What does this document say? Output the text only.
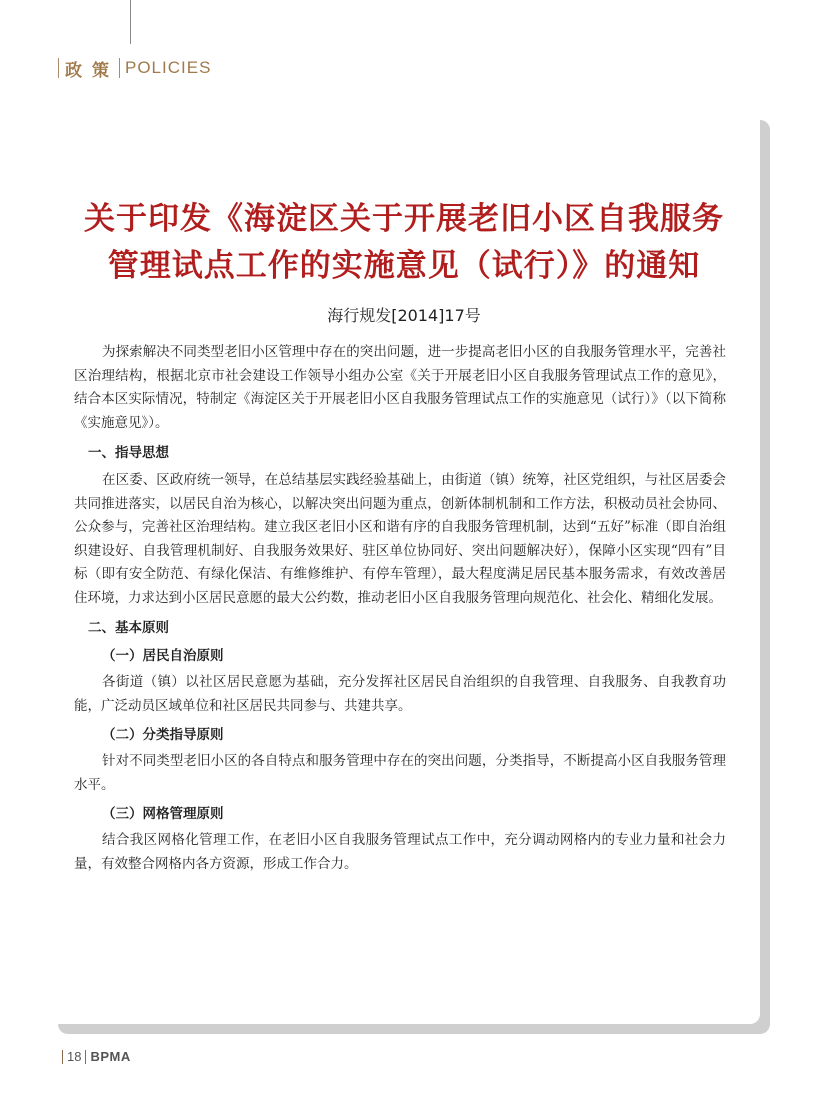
政策 POLICIES
关于印发《海淀区关于开展老旧小区自我服务
管理试点工作的实施意见（试行）》的通知
海行规发[2014]17号

为探索解决不同类型老旧小区管理中存在的突出问题，进一步提高老旧小区的自我服务管理水平，完善社区治理结构，根据北京市社会建设工作领导小组办公室《关于开展老旧小区自我服务管理试点工作的意见》，结合本区实际情况，特制定《海淀区关于开展老旧小区自我服务管理试点工作的实施意见（试行）》（以下简称《实施意见》）。

一、指导思想

在区委、区政府统一领导，在总结基层实践经验基础上，由街道（镇）统筹，社区党组织，与社区居委会共同推进落实，以居民自治为核心，以解决突出问题为重点，创新体制机制和工作方法，积极动员社会协同、公众参与，完善社区治理结构。建立我区老旧小区和谐有序的自我服务管理机制，达到“五好”标准（即自治组织建设好、自我管理机制好、自我服务效果好、驻区单位协同好、突出问题解决好），保障小区实现“四有”目标（即有安全防范、有绿化保洁、有维修维护、有停车管理），最大程度满足居民基本服务需求，有效改善居住环境，力求达到小区居民意愿的最大公约数，推动老旧小区自我服务管理向规范化、社会化、精细化发展。

二、基本原则
（一）居民自治原则

各街道（镇）以社区居民意愿为基础，充分发挥社区居民自治组织的自我管理、自我服务、自我教育功能，广泛动员区域单位和社区居民共同参与、共建共享。

（二）分类指导原则

针对不同类型老旧小区的各自特点和服务管理中存在的突出问题，分类指导，不断提高小区自我服务管理水平。

（三）网格管理原则

结合我区网格化管理工作，在老旧小区自我服务管理试点工作中，充分调动网格内的专业力量和社会力量，有效整合网格内各方资源，形成工作合力。

18 BPMA
